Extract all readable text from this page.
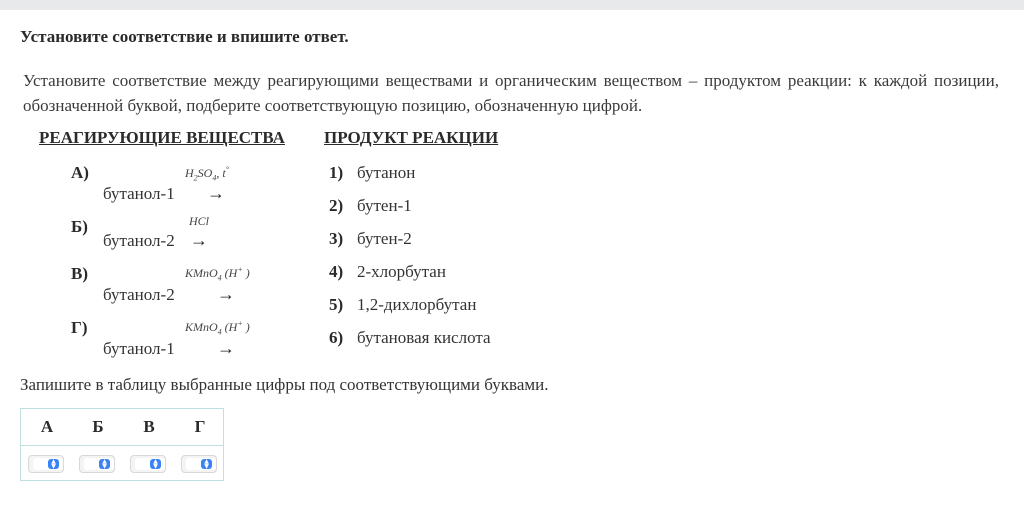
Установите соответствие и впишите ответ.
Установите соответствие между реагирующими веществами и органическим веществом – продуктом реакции: к каждой позиции, обозначенной буквой, подберите соответствующую позицию, обозначенную цифрой.
РЕАГИРУЮЩИЕ ВЕЩЕСТВА ПРОДУКТ РЕАКЦИИ
А)	$H_2SO_4$, t°
бутанол-1 →
Б)	HCl
бутанол-2 →
В)	KMnO$_4$ (H+ )
бутанол-2 →
Г)	KMnO$_4$ (H+ )
бутанол-1 →
1) бутанон
2) бутен-1
3) бутен-2
4) 2-хлорбутан
5) 1,2-дихлорбутан
6) бутановая кислота
Запишите в таблицу выбранные цифры под соответствующими буквами.
А	Б	В	Г
▲
▼
▲
▼
▲
▼
▲
▼
